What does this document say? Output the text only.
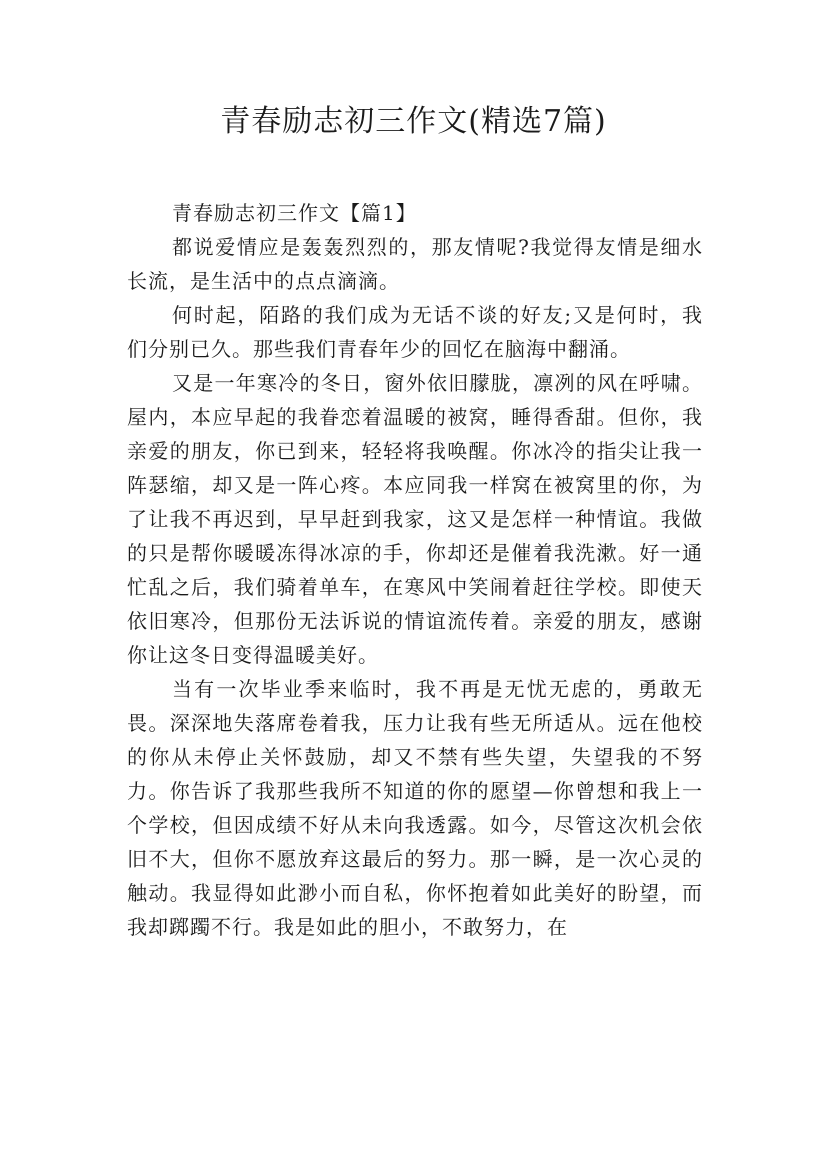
青春励志初三作文(精选7篇)

青春励志初三作文【篇1】

都说爱情应是轰轰烈烈的，那友情呢?我觉得友情是细水长流，是生活中的点点滴滴。

何时起，陌路的我们成为无话不谈的好友;又是何时，我们分别已久。那些我们青春年少的回忆在脑海中翻涌。

又是一年寒冷的冬日，窗外依旧朦胧，凛冽的风在呼啸。屋内，本应早起的我眷恋着温暖的被窝，睡得香甜。但你，我亲爱的朋友，你已到来，轻轻将我唤醒。你冰冷的指尖让我一阵瑟缩，却又是一阵心疼。本应同我一样窝在被窝里的你，为了让我不再迟到，早早赶到我家，这又是怎样一种情谊。我做的只是帮你暖暖冻得冰凉的手，你却还是催着我洗漱。好一通忙乱之后，我们骑着单车，在寒风中笑闹着赶往学校。即使天依旧寒冷，但那份无法诉说的情谊流传着。亲爱的朋友，感谢你让这冬日变得温暖美好。

当有一次毕业季来临时，我不再是无忧无虑的，勇敢无畏。深深地失落席卷着我，压力让我有些无所适从。远在他校的你从未停止关怀鼓励，却又不禁有些失望，失望我的不努力。你告诉了我那些我所不知道的你的愿望—你曾想和我上一个学校，但因成绩不好从未向我透露。如今，尽管这次机会依旧不大，但你不愿放弃这最后的努力。那一瞬，是一次心灵的触动。我显得如此渺小而自私，你怀抱着如此美好的盼望，而我却踯躅不行。我是如此的胆小，不敢努力，在
